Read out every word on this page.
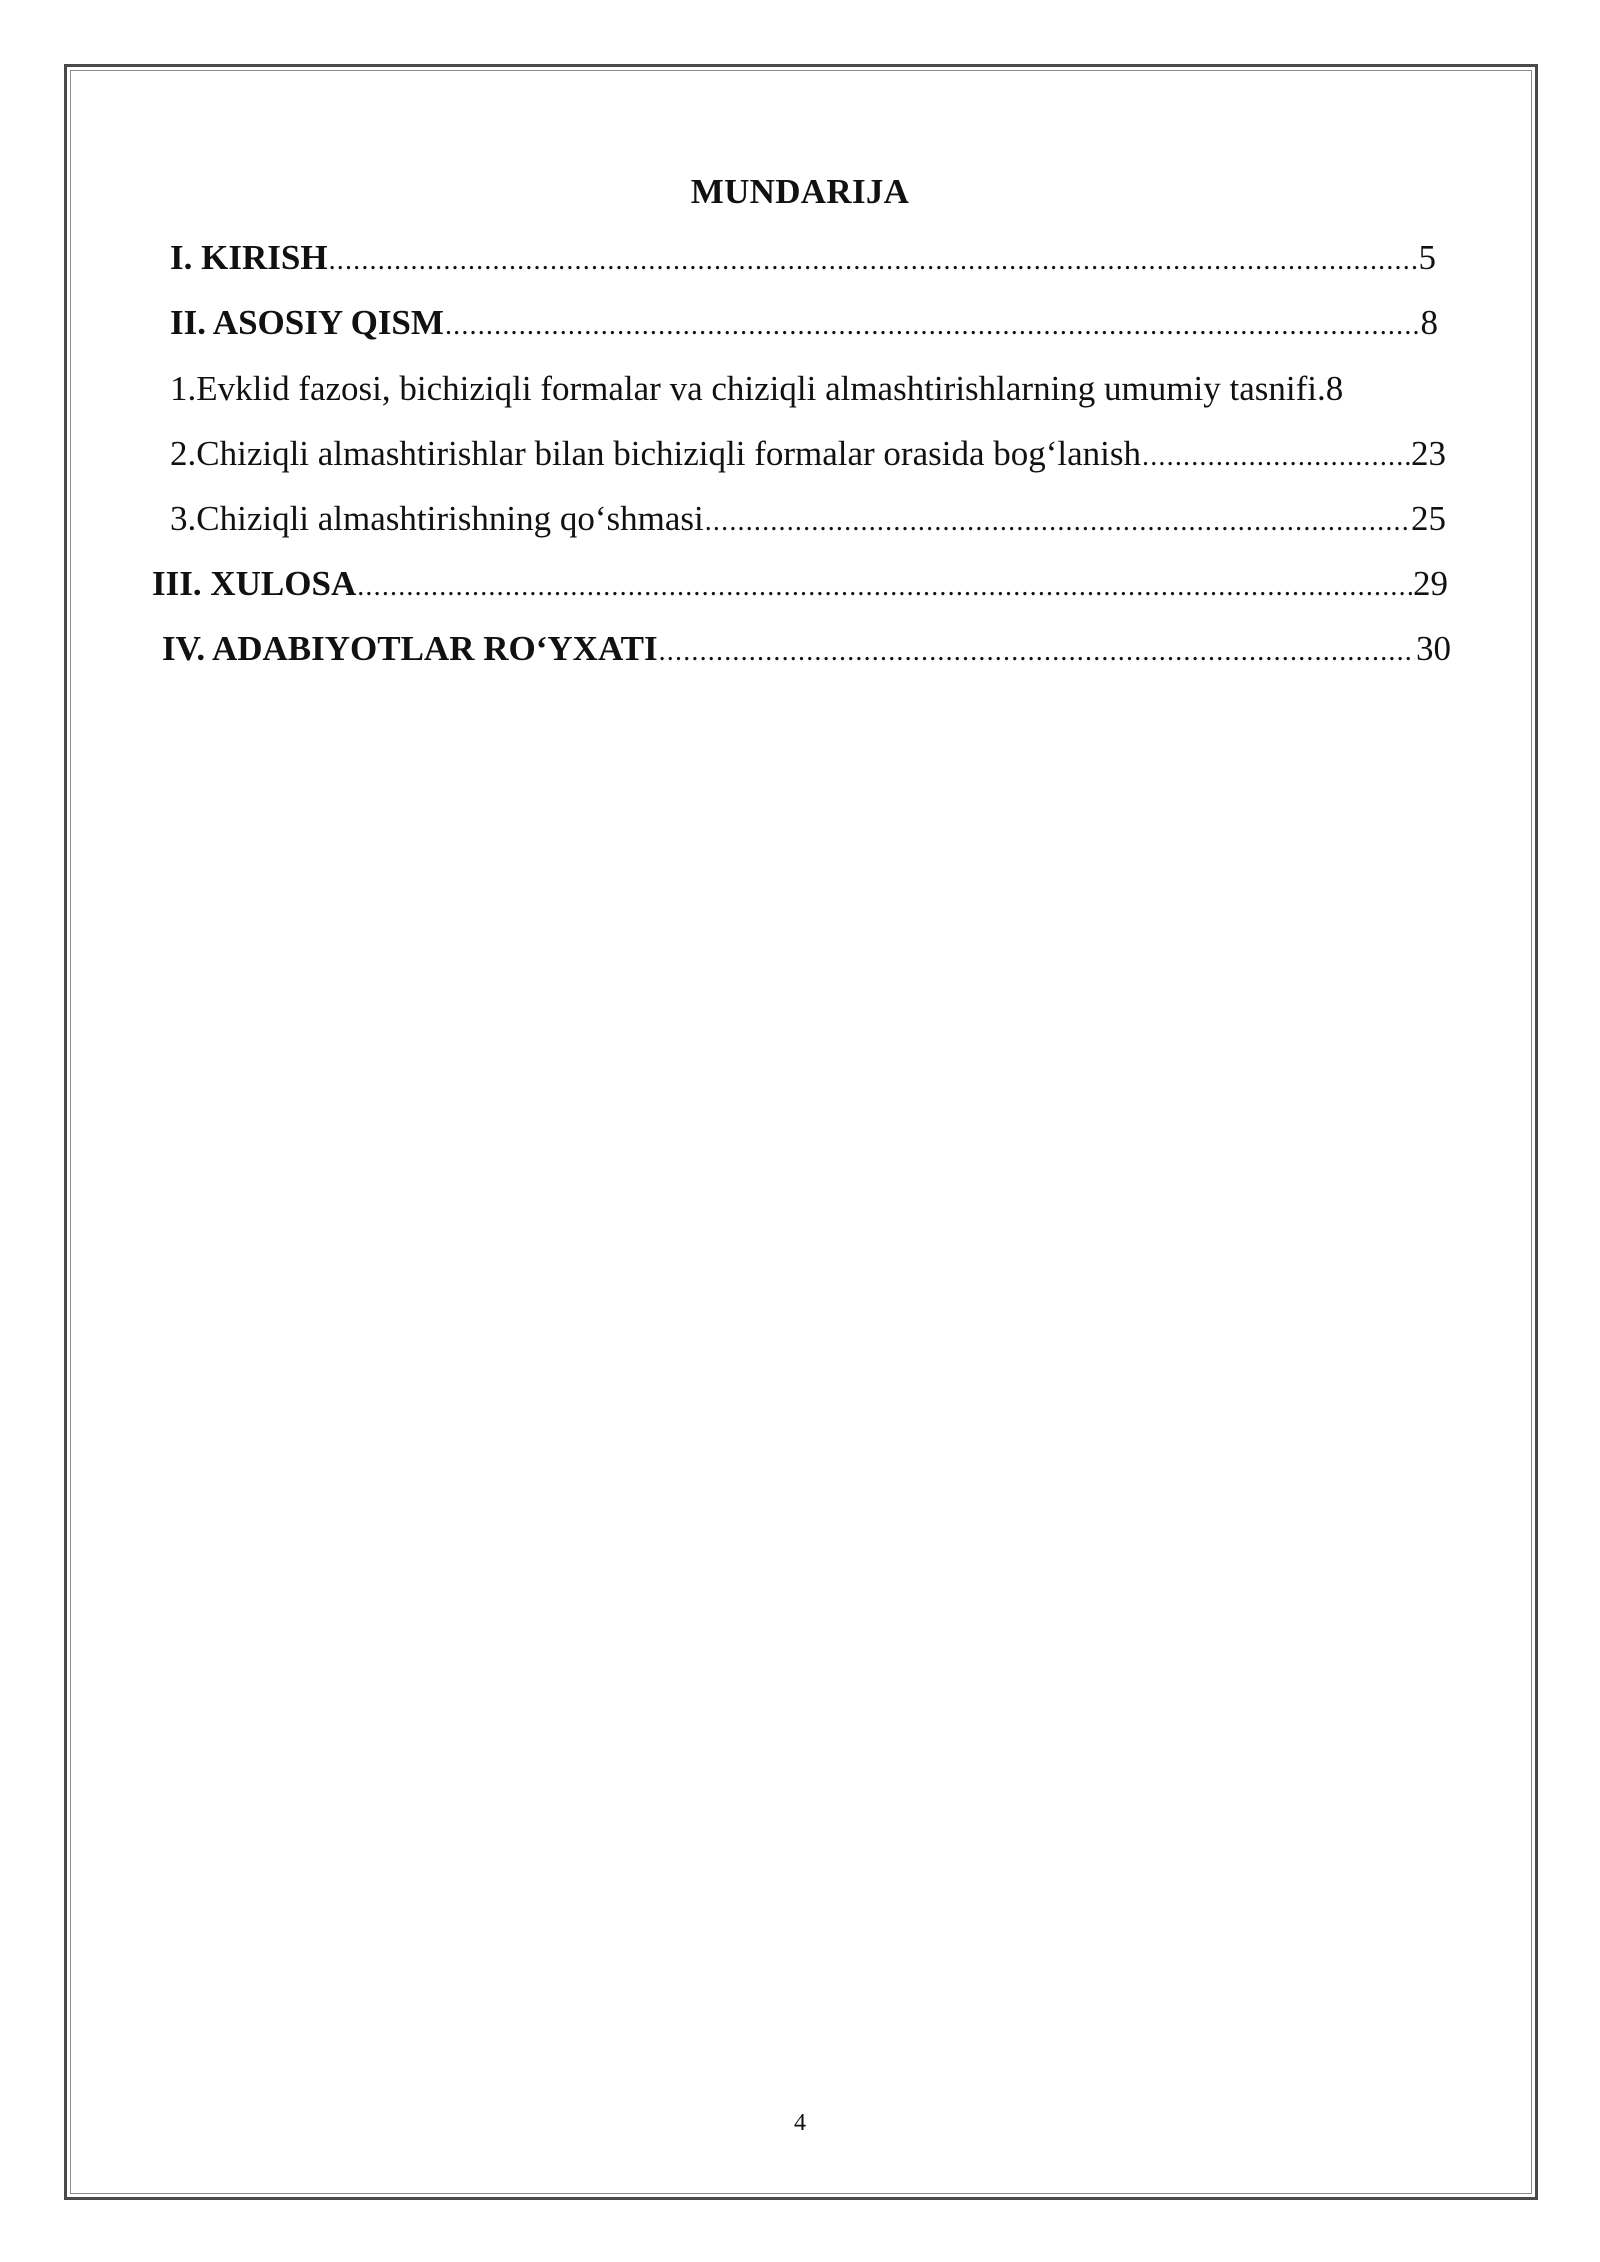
MUNDARIJA
I. KIRISH .....	5
II. ASOSIY QISM .....	8
1.Evklid fazosi, bichiziqli formalar va chiziqli almashtirishlarning umumiy tasnifi. 8
2.Chiziqli almashtirishlar bilan bichiziqli formalar orasida bog‘lanish .....	23
3.Chiziqli almashtirishning qo‘shmasi .....	25
III. XULOSA .....	29
IV. ADABIYOTLAR RO‘YXATI .....	30
4
